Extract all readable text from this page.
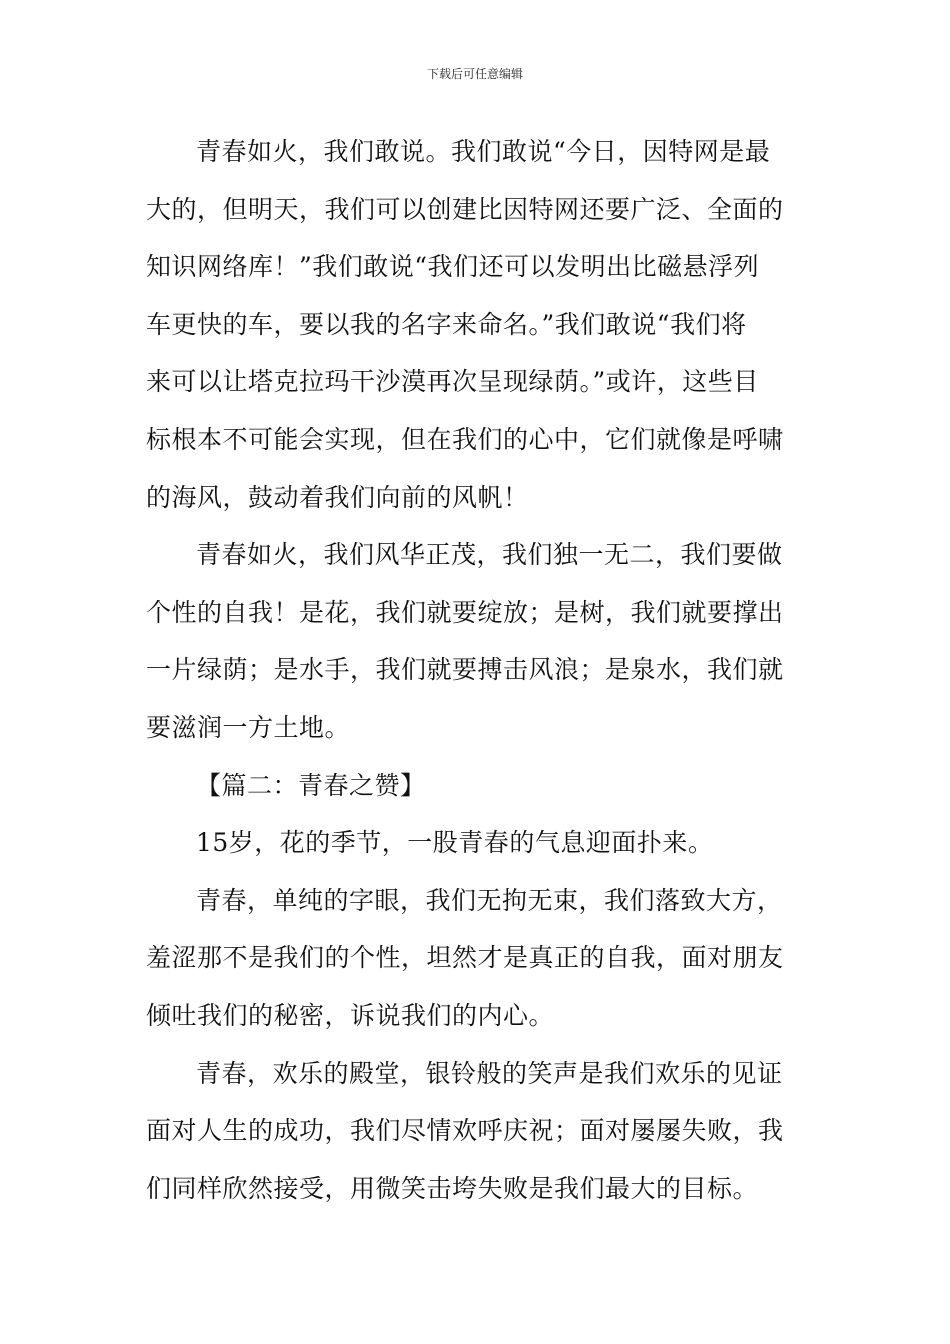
下载后可任意编辑
青春如火，我们敢说。我们敢说“今日，因特网是最
大的，但明天，我们可以创建比因特网还要广泛、全面的
知识网络库！”我们敢说“我们还可以发明出比磁悬浮列
车更快的车，要以我的名字来命名。”我们敢说“我们将
来可以让塔克拉玛干沙漠再次呈现绿荫。”或许，这些目
标根本不可能会实现，但在我们的心中，它们就像是呼啸
的海风，鼓动着我们向前的风帆！
青春如火，我们风华正茂，我们独一无二，我们要做
个性的自我！是花，我们就要绽放；是树，我们就要撑出
一片绿荫；是水手，我们就要搏击风浪；是泉水，我们就
要滋润一方土地。
【篇二：青春之赞】
15岁，花的季节，一股青春的气息迎面扑来。
青春，单纯的字眼，我们无拘无束，我们落致大方，
羞涩那不是我们的个性，坦然才是真正的自我，面对朋友
倾吐我们的秘密，诉说我们的内心。
青春，欢乐的殿堂，银铃般的笑声是我们欢乐的见证
面对人生的成功，我们尽情欢呼庆祝；面对屡屡失败，我
们同样欣然接受，用微笑击垮失败是我们最大的目标。
